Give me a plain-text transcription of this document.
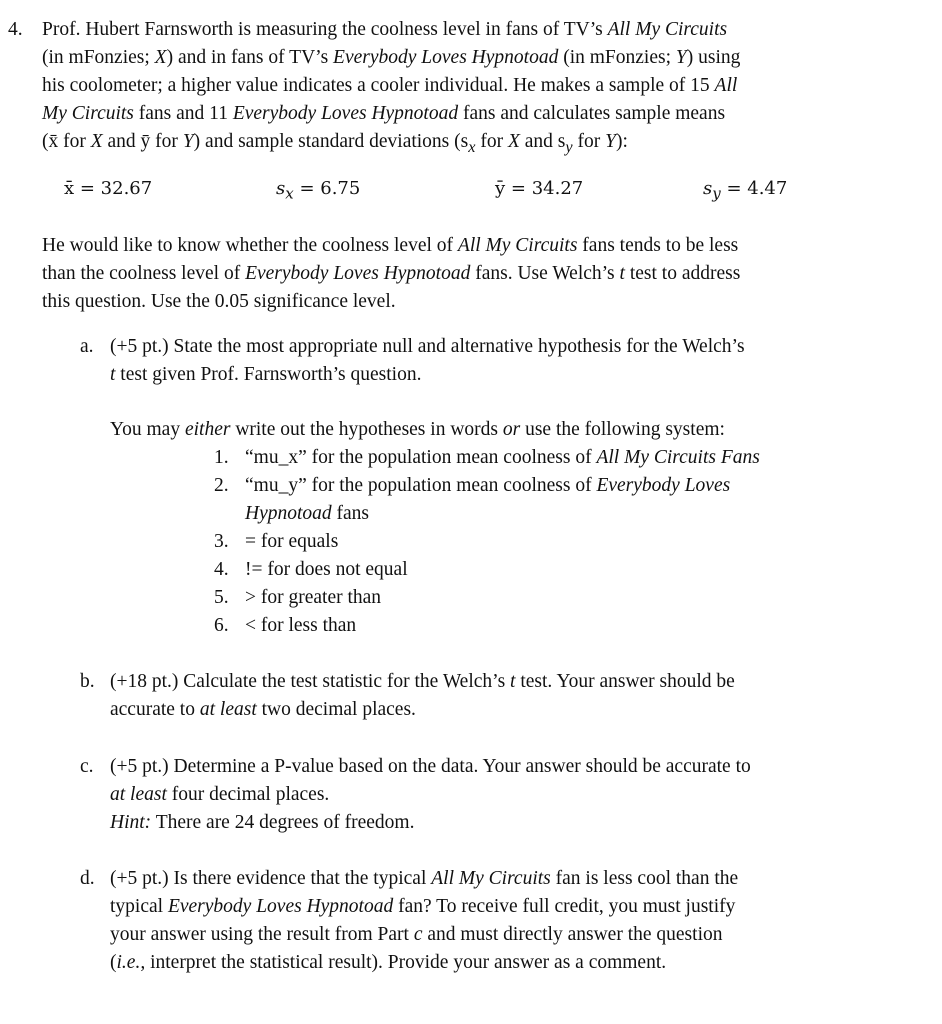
4. Prof. Hubert Farnsworth is measuring the coolness level in fans of TV’s All My Circuits
(in mFonzies; X) and in fans of TV’s Everybody Loves Hypnotoad (in mFonzies; Y) using
his coolometer; a higher value indicates a cooler individual. He makes a sample of 15 All
My Circuits fans and 11 Everybody Loves Hypnotoad fans and calculates sample means
(x̄ for X and ȳ for Y) and sample standard deviations ($s_x$ for X and $s_y$ for Y):
x̄ = 32.67	$s_x = 6.75$	ȳ = 34.27	$s_y = 4.47$
He would like to know whether the coolness level of All My Circuits fans tends to be less
than the coolness level of Everybody Loves Hypnotoad fans. Use Welch’s t test to address
this question. Use the 0.05 significance level.
a. (+5 pt.) State the most appropriate null and alternative hypothesis for the Welch’s
t test given Prof. Farnsworth’s question.
You may either write out the hypotheses in words or use the following system:
1. “mu_x” for the population mean coolness of All My Circuits Fans
2. “mu_y” for the population mean coolness of Everybody Loves
Hypnotoad fans
3. = for equals
4. != for does not equal
5. > for greater than
6. < for less than
b. (+18 pt.) Calculate the test statistic for the Welch’s t test. Your answer should be
accurate to at least two decimal places.
c. (+5 pt.) Determine a P-value based on the data. Your answer should be accurate to
at least four decimal places.
Hint: There are 24 degrees of freedom.
d. (+5 pt.) Is there evidence that the typical All My Circuits fan is less cool than the
typical Everybody Loves Hypnotoad fan? To receive full credit, you must justify
your answer using the result from Part c and must directly answer the question
(i.e., interpret the statistical result). Provide your answer as a comment.
